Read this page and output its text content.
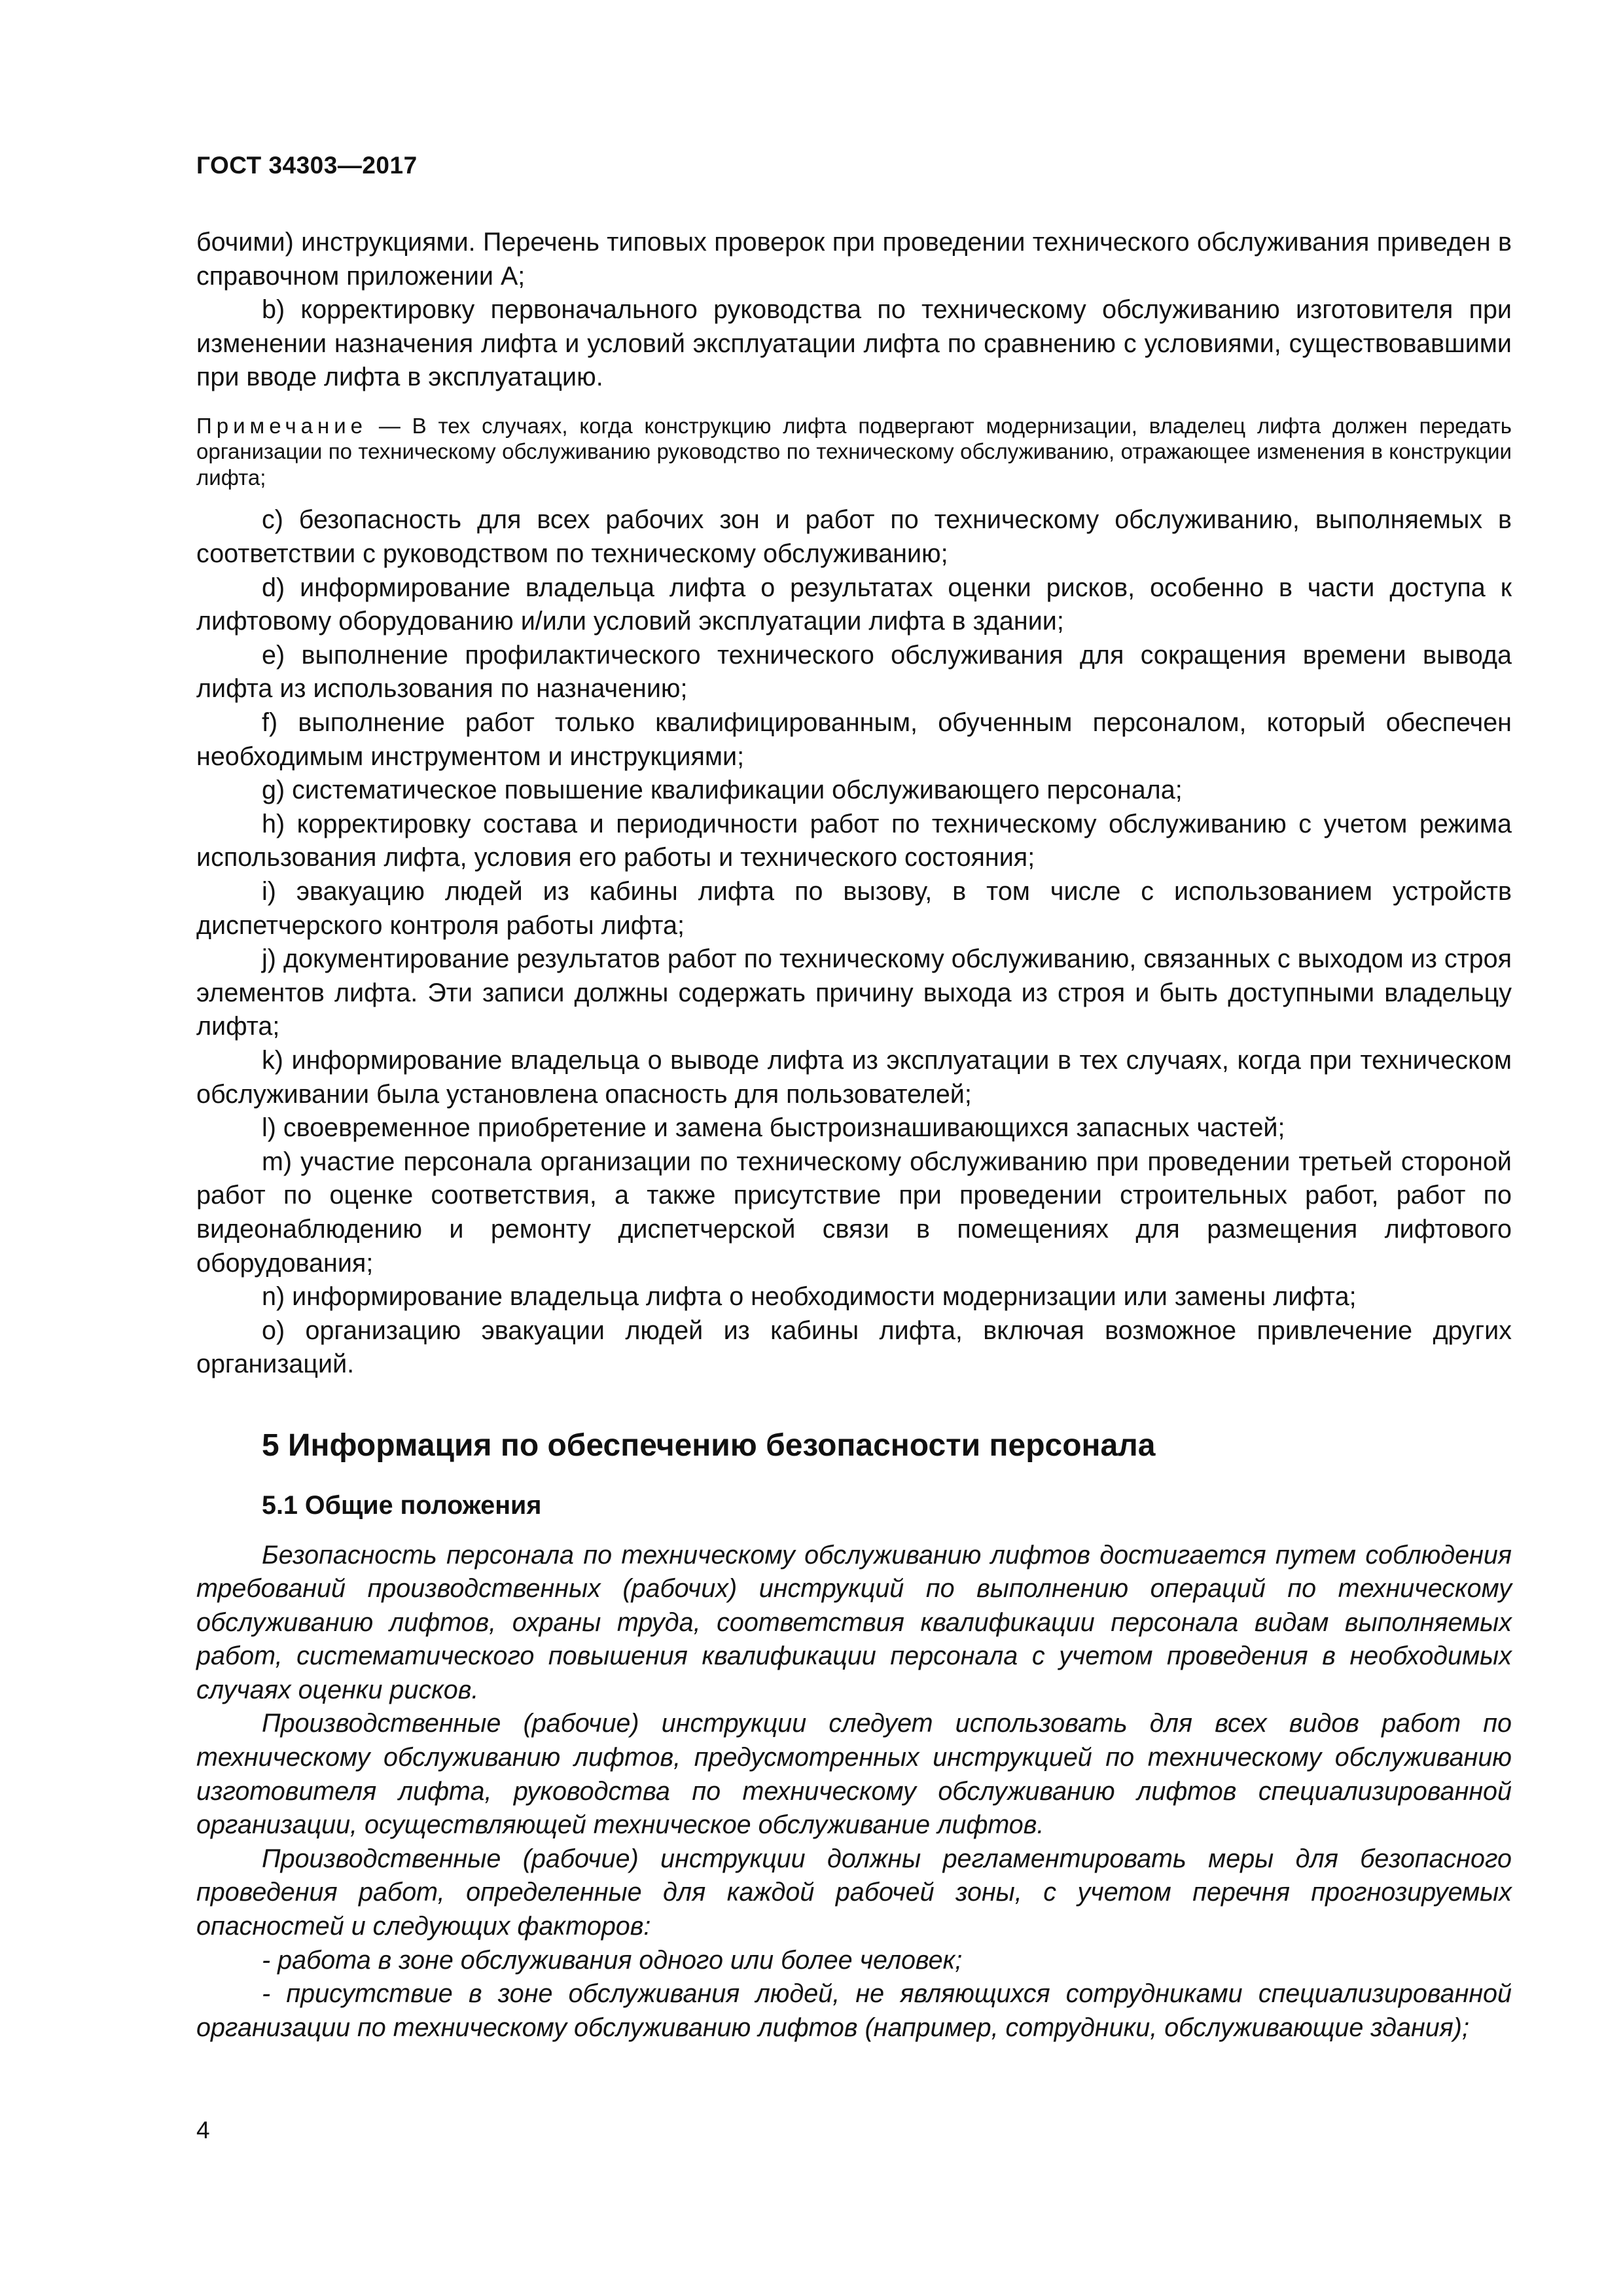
ГОСТ 34303—2017

бочими) инструкциями. Перечень типовых проверок при проведении технического обслуживания приведен в справочном приложении А;

b) корректировку первоначального руководства по техническому обслуживанию изготовителя при изменении назначения лифта и условий эксплуатации лифта по сравнению с условиями, существовавшими при вводе лифта в эксплуатацию.

Примечание — В тех случаях, когда конструкцию лифта подвергают модернизации, владелец лифта должен передать организации по техническому обслуживанию руководство по техническому обслуживанию, отражающее изменения в конструкции лифта;

c) безопасность для всех рабочих зон и работ по техническому обслуживанию, выполняемых в соответствии с руководством по техническому обслуживанию;

d) информирование владельца лифта о результатах оценки рисков, особенно в части доступа к лифтовому оборудованию и/или условий эксплуатации лифта в здании;

e) выполнение профилактического технического обслуживания для сокращения времени вывода лифта из использования по назначению;

f) выполнение работ только квалифицированным, обученным персоналом, который обеспечен необходимым инструментом и инструкциями;

g) систематическое повышение квалификации обслуживающего персонала;

h) корректировку состава и периодичности работ по техническому обслуживанию с учетом режима использования лифта, условия его работы и технического состояния;

i) эвакуацию людей из кабины лифта по вызову, в том числе с использованием устройств диспетчерского контроля работы лифта;

j) документирование результатов работ по техническому обслуживанию, связанных с выходом из строя элементов лифта. Эти записи должны содержать причину выхода из строя и быть доступными владельцу лифта;

k) информирование владельца о выводе лифта из эксплуатации в тех случаях, когда при техническом обслуживании была установлена опасность для пользователей;

l) своевременное приобретение и замена быстроизнашивающихся запасных частей;

m) участие персонала организации по техническому обслуживанию при проведении третьей стороной работ по оценке соответствия, а также присутствие при проведении строительных работ, работ по видеонаблюдению и ремонту диспетчерской связи в помещениях для размещения лифтового оборудования;

n) информирование владельца лифта о необходимости модернизации или замены лифта;

o) организацию эвакуации людей из кабины лифта, включая возможное привлечение других организаций.

5 Информация по обеспечению безопасности персонала
5.1 Общие положения

Безопасность персонала по техническому обслуживанию лифтов достигается путем соблюдения требований производственных (рабочих) инструкций по выполнению операций по техническому обслуживанию лифтов, охраны труда, соответствия квалификации персонала видам выполняемых работ, систематического повышения квалификации персонала с учетом проведения в необходимых случаях оценки рисков.

Производственные (рабочие) инструкции следует использовать для всех видов работ по техническому обслуживанию лифтов, предусмотренных инструкцией по техническому обслуживанию изготовителя лифта, руководства по техническому обслуживанию лифтов специализированной организации, осуществляющей техническое обслуживание лифтов.

Производственные (рабочие) инструкции должны регламентировать меры для безопасного проведения работ, определенные для каждой рабочей зоны, с учетом перечня прогнозируемых опасностей и следующих факторов:

- работа в зоне обслуживания одного или более человек;

- присутствие в зоне обслуживания людей, не являющихся сотрудниками специализированной организации по техническому обслуживанию лифтов (например, сотрудники, обслуживающие здания);

4
